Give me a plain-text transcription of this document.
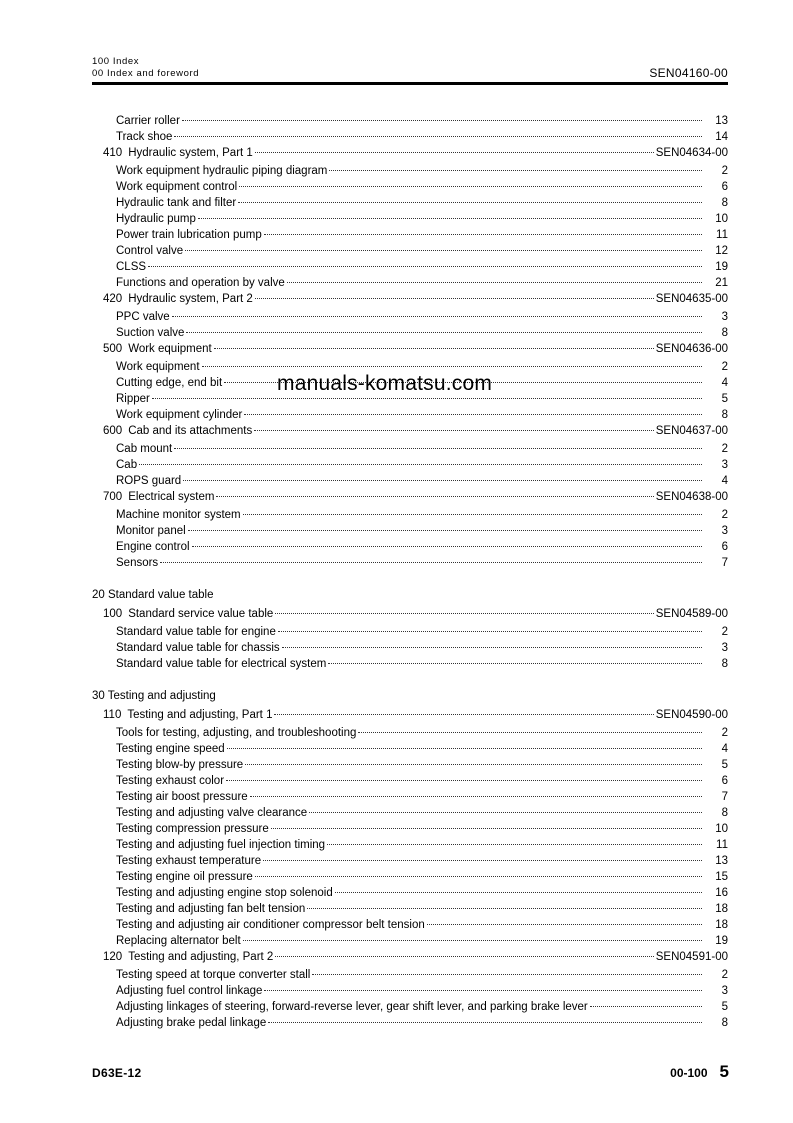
100 Index
00 Index and foreword	SEN04160-00
Carrier roller	13
Track shoe	14
410 Hydraulic system, Part 1	SEN04634-00
Work equipment hydraulic piping diagram	2
Work equipment control	6
Hydraulic tank and filter	8
Hydraulic pump	10
Power train lubrication pump	11
Control valve	12
CLSS	19
Functions and operation by valve	21
420 Hydraulic system, Part 2	SEN04635-00
PPC valve	3
Suction valve	8
500 Work equipment	SEN04636-00
Work equipment	2
Cutting edge, end bit	4
Ripper	5
Work equipment cylinder	8
600 Cab and its attachments	SEN04637-00
Cab mount	2
Cab	3
ROPS guard	4
700 Electrical system	SEN04638-00
Machine monitor system	2
Monitor panel	3
Engine control	6
Sensors	7
20 Standard value table
100 Standard service value table	SEN04589-00
Standard value table for engine	2
Standard value table for chassis	3
Standard value table for electrical system	8
30 Testing and adjusting
110 Testing and adjusting, Part 1	SEN04590-00
Tools for testing, adjusting, and troubleshooting	2
Testing engine speed	4
Testing blow-by pressure	5
Testing exhaust color	6
Testing air boost pressure	7
Testing and adjusting valve clearance	8
Testing compression pressure	10
Testing and adjusting fuel injection timing	11
Testing exhaust temperature	13
Testing engine oil pressure	15
Testing and adjusting engine stop solenoid	16
Testing and adjusting fan belt tension	18
Testing and adjusting air conditioner compressor belt tension	18
Replacing alternator belt	19
120 Testing and adjusting, Part 2	SEN04591-00
Testing speed at torque converter stall	2
Adjusting fuel control linkage	3
Adjusting linkages of steering, forward-reverse lever, gear shift lever, and parking brake lever	5
Adjusting brake pedal linkage	8
manuals-komatsu.com
D63E-12	00-100 5
